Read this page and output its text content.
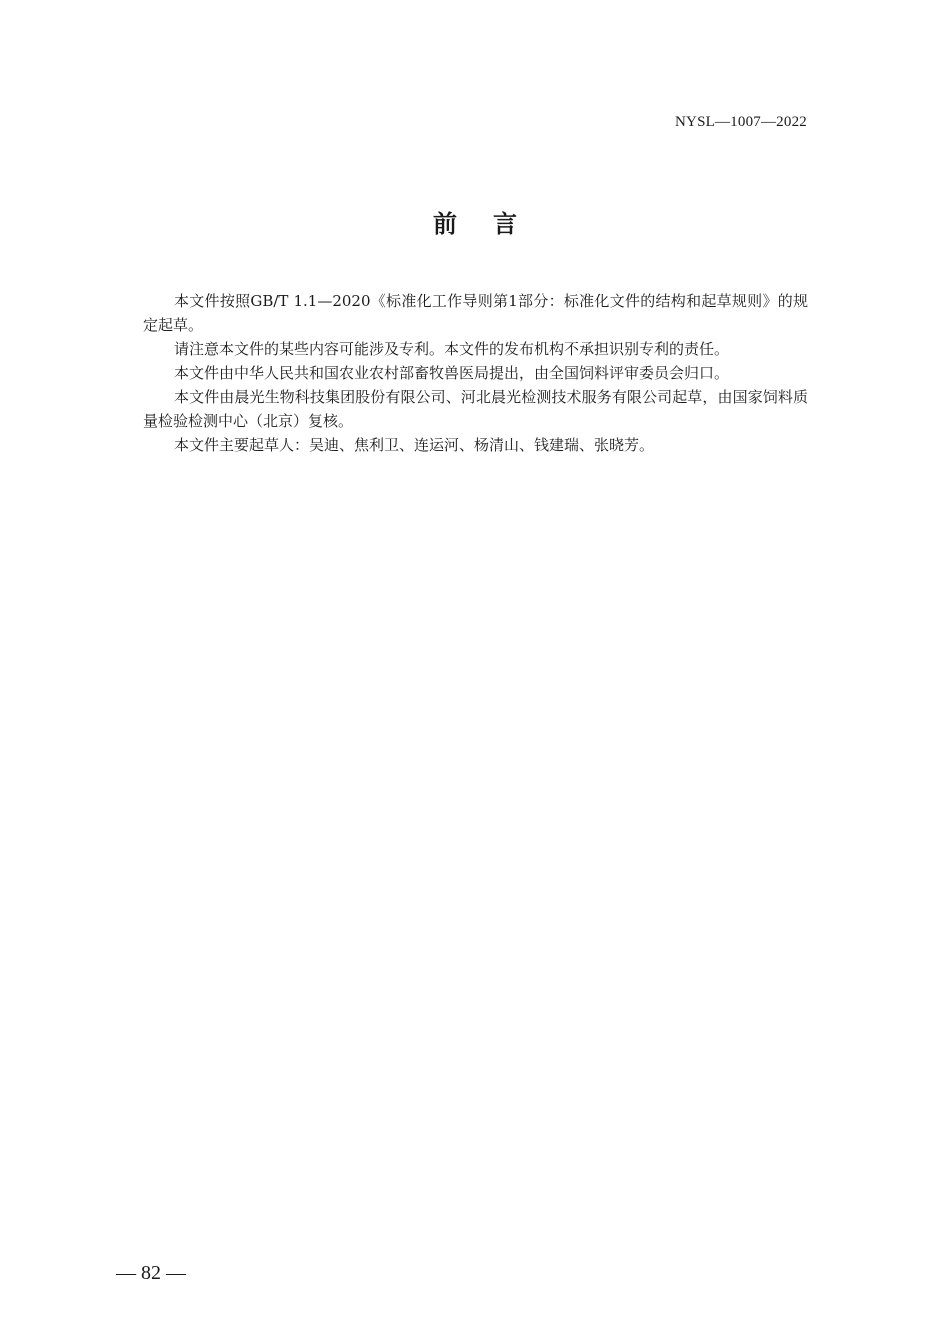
NYSL—1007—2022
前言

本文件按照GB/T 1.1—2020《标准化工作导则第1部分：标准化文件的结构和起草规则》的规定起草。

请注意本文件的某些内容可能涉及专利。本文件的发布机构不承担识别专利的责任。

本文件由中华人民共和国农业农村部畜牧兽医局提出，由全国饲料评审委员会归口。

本文件由晨光生物科技集团股份有限公司、河北晨光检测技术服务有限公司起草，由国家饲料质量检验检测中心（北京）复核。

本文件主要起草人：吴迪、焦利卫、连运河、杨清山、钱建瑞、张晓芳。

— 82 —
